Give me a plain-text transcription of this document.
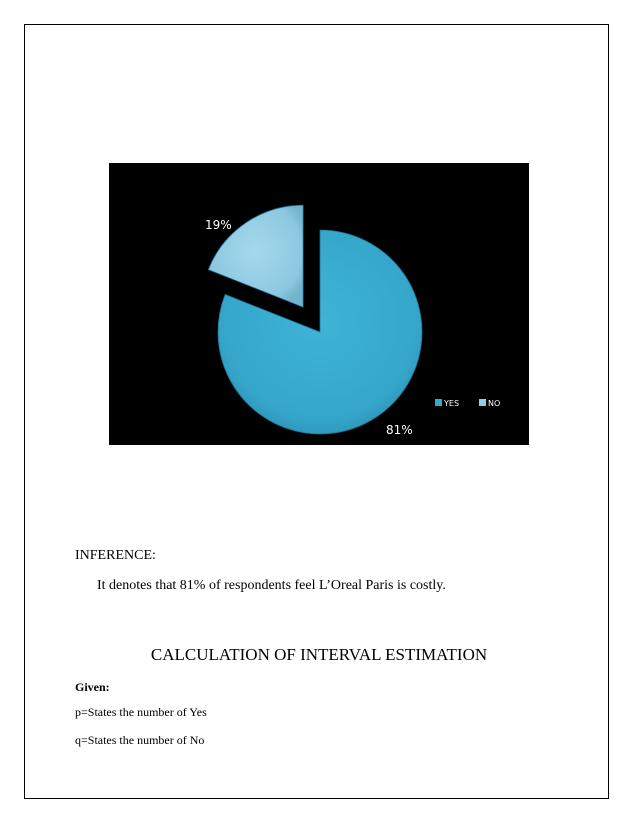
19%
81%
YES	NO
INFERENCE:
It denotes that 81% of respondents feel L’Oreal Paris is costly.
CALCULATION OF INTERVAL ESTIMATION
Given:
p=States the number of Yes
q=States the number of No
